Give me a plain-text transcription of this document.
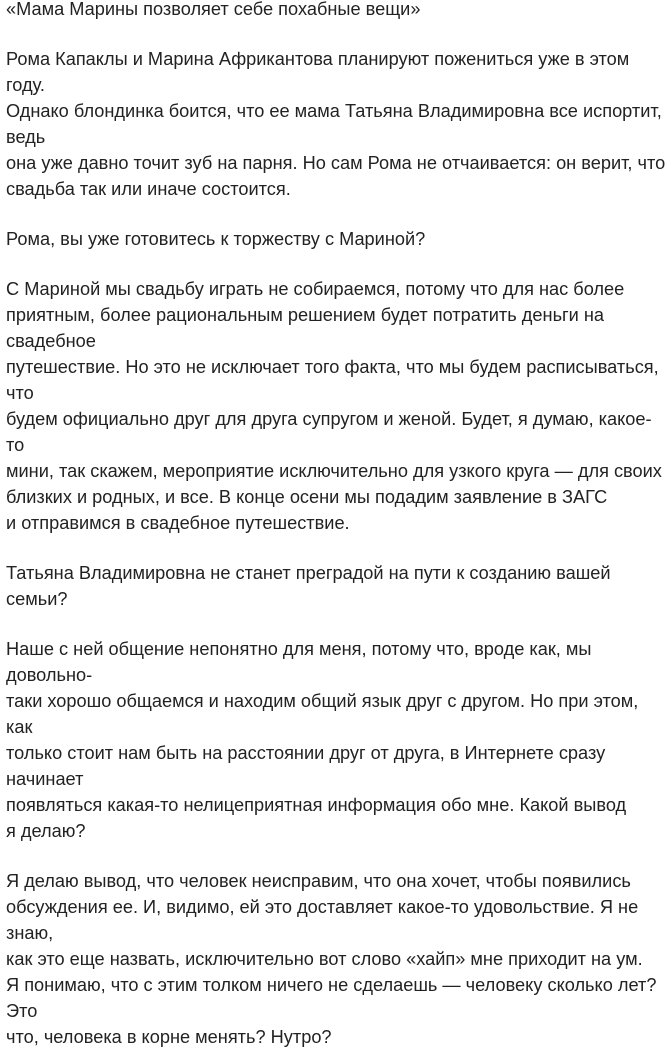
«Мама Марины позволяет себе похабные вещи»

Рома Капаклы и Марина Африкантова планируют пожениться уже в этом году.
Однако блондинка боится, что ее мама Татьяна Владимировна все испортит, ведь
она уже давно точит зуб на парня. Но сам Рома не отчаивается: он верит, что
свадьба так или иначе состоится.

Рома, вы уже готовитесь к торжеству с Мариной?

С Мариной мы свадьбу играть не собираемся, потому что для нас более
приятным, более рациональным решением будет потратить деньги на свадебное
путешествие. Но это не исключает того факта, что мы будем расписываться, что
будем официально друг для друга супругом и женой. Будет, я думаю, какое-то
мини, так скажем, мероприятие исключительно для узкого круга — для своих
близких и родных, и все. В конце осени мы подадим заявление в ЗАГС
и отправимся в свадебное путешествие.

Татьяна Владимировна не станет преградой на пути к созданию вашей семьи?

Наше с ней общение непонятно для меня, потому что, вроде как, мы довольно-
таки хорошо общаемся и находим общий язык друг с другом. Но при этом, как
только стоит нам быть на расстоянии друг от друга, в Интернете сразу начинает
появляться какая-то нелицеприятная информация обо мне. Какой вывод
я делаю?

Я делаю вывод, что человек неисправим, что она хочет, чтобы появились
обсуждения ее. И, видимо, ей это доставляет какое-то удовольствие. Я не знаю,
как это еще назвать, исключительно вот слово «хайп» мне приходит на ум.
Я понимаю, что с этим толком ничего не сделаешь — человеку сколько лет? Это
что, человека в корне менять? Нутро?
